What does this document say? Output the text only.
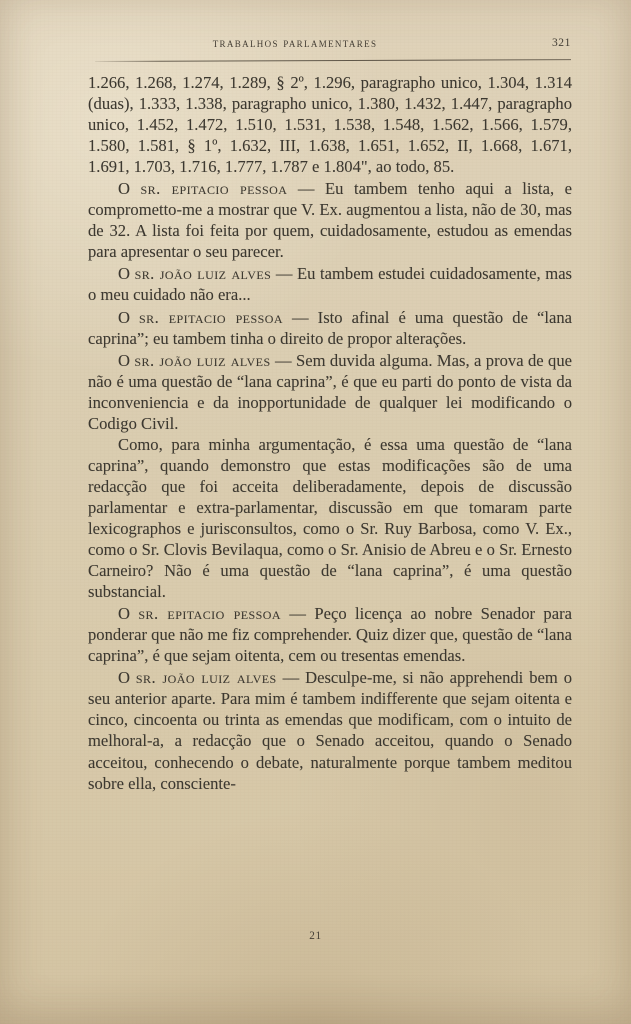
trabalhos parlamentares	321

1.266, 1.268, 1.274, 1.289, § 2º, 1.296, paragrapho unico, 1.304, 1.314 (duas), 1.333, 1.338, paragrapho unico, 1.380, 1.432, 1.447, paragrapho unico, 1.452, 1.472, 1.510, 1.531, 1.538, 1.548, 1.562, 1.566, 1.579, 1.580, 1.581, § 1º, 1.632, III, 1.638, 1.651, 1.652, II, 1.668, 1.671, 1.691, 1.703, 1.716, 1.777, 1.787 e 1.804", ao todo, 85.

O sr. epitacio pessoa — Eu tambem tenho aqui a lista, e comprometto-me a mostrar que V. Ex. augmentou a lista, não de 30, mas de 32. A lista foi feita por quem, cuidadosamente, estudou as emendas para apresentar o seu parecer.

O sr. joão luiz alves — Eu tambem estudei cuidadosamente, mas o meu cuidado não era...

O sr. epitacio pessoa — Isto afinal é uma questão de “lana caprina”; eu tambem tinha o direito de propor alterações.

O sr. joão luiz alves — Sem duvida alguma. Mas, a prova de que não é uma questão de “lana caprina”, é que eu parti do ponto de vista da inconveniencia e da inopportunidade de qualquer lei modificando o Codigo Civil.

Como, para minha argumentação, é essa uma questão de “lana caprina”, quando demonstro que estas modificações são de uma redacção que foi acceita deliberadamente, depois de discussão parlamentar e extra-parlamentar, discussão em que tomaram parte lexicographos e jurisconsultos, como o Sr. Ruy Barbosa, como V. Ex., como o Sr. Clovis Bevilaqua, como o Sr. Anisio de Abreu e o Sr. Ernesto Carneiro? Não é uma questão de “lana caprina”, é uma questão substancial.

O sr. epitacio pessoa — Peço licença ao nobre Senador para ponderar que não me fiz comprehender. Quiz dizer que, questão de “lana caprina”, é que sejam oitenta, cem ou tresentas emendas.

O sr. joão luiz alves — Desculpe-me, si não apprehendi bem o seu anterior aparte. Para mim é tambem indifferente que sejam oitenta e cinco, cincoenta ou trinta as emendas que modificam, com o intuito de melhoral-a, a redacção que o Senado acceitou, quando o Senado acceitou, conhecendo o debate, naturalmente porque tambem meditou sobre ella, consciente-

21
